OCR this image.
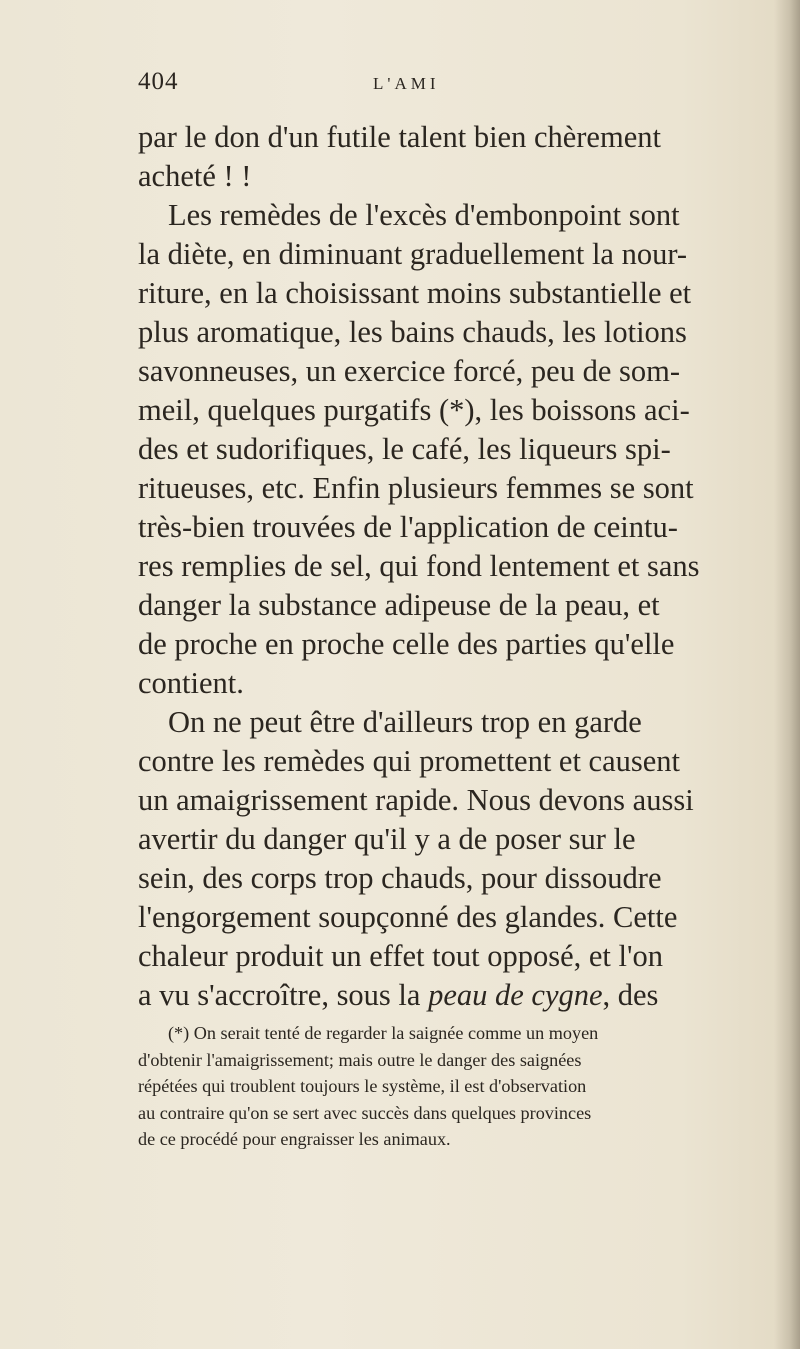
404	L'AMI
par le don d'un futile talent bien chèrement
acheté ! !
Les remèdes de l'excès d'embonpoint sont
la diète, en diminuant graduellement la nour-
riture, en la choisissant moins substantielle et
plus aromatique, les bains chauds, les lotions
savonneuses, un exercice forcé, peu de som-
meil, quelques purgatifs (*), les boissons aci-
des et sudorifiques, le café, les liqueurs spi-
ritueuses, etc. Enfin plusieurs femmes se sont
très-bien trouvées de l'application de ceintu-
res remplies de sel, qui fond lentement et sans
danger la substance adipeuse de la peau, et
de proche en proche celle des parties qu'elle
contient.
On ne peut être d'ailleurs trop en garde
contre les remèdes qui promettent et causent
un amaigrissement rapide. Nous devons aussi
avertir du danger qu'il y a de poser sur le
sein, des corps trop chauds, pour dissoudre
l'engorgement soupçonné des glandes. Cette
chaleur produit un effet tout opposé, et l'on
a vu s'accroître, sous la peau de cygne, des
(*) On serait tenté de regarder la saignée comme un moyen
d'obtenir l'amaigrissement; mais outre le danger des saignées
répétées qui troublent toujours le système, il est d'observation
au contraire qu'on se sert avec succès dans quelques provinces
de ce procédé pour engraisser les animaux.
